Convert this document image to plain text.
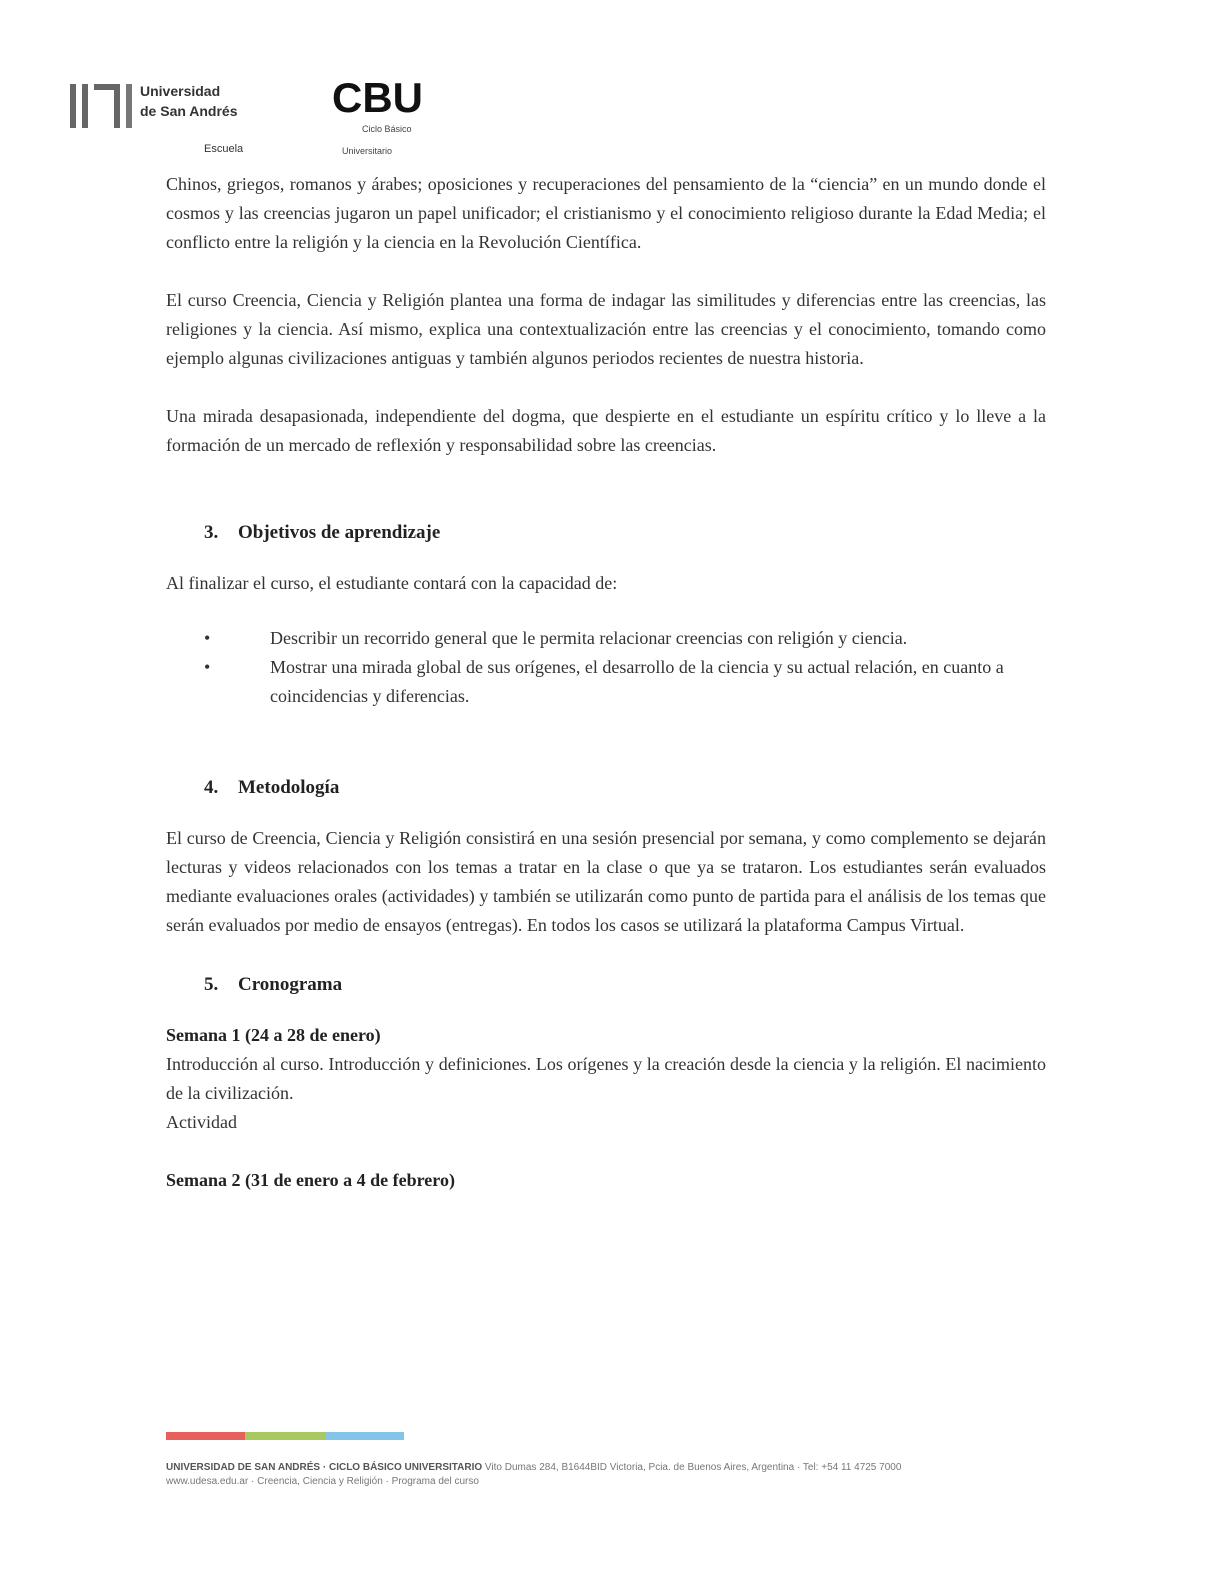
Universidad
de San Andrés
Escuela
CBU
Ciclo Básico
Universitario

Chinos, griegos, romanos y árabes; oposiciones y recuperaciones del pensamiento de la “ciencia” en un mundo donde el cosmos y las creencias jugaron un papel unificador; el cristianismo y el conocimiento religioso durante la Edad Media; el conflicto entre la religión y la ciencia en la Revolución Científica.

El curso Creencia, Ciencia y Religión plantea una forma de indagar las similitudes y diferencias entre las creencias, las religiones y la ciencia. Así mismo, explica una contextualización entre las creencias y el conocimiento, tomando como ejemplo algunas civilizaciones antiguas y también algunos periodos recientes de nuestra historia.

Una mirada desapasionada, independiente del dogma, que despierte en el estudiante un espíritu crítico y lo lleve a la formación de un mercado de reflexión y responsabilidad sobre las creencias.

3. Objetivos de aprendizaje

Al finalizar el curso, el estudiante contará con la capacidad de:

•	Describir un recorrido general que le permita relacionar creencias con religión y ciencia.
•	Mostrar una mirada global de sus orígenes, el desarrollo de la ciencia y su actual relación, en cuanto a coincidencias y diferencias.
4. Metodología

El curso de Creencia, Ciencia y Religión consistirá en una sesión presencial por semana, y como complemento se dejarán lecturas y videos relacionados con los temas a tratar en la clase o que ya se trataron. Los estudiantes serán evaluados mediante evaluaciones orales (actividades) y también se utilizarán como punto de partida para el análisis de los temas que serán evaluados por medio de ensayos (entregas). En todos los casos se utilizará la plataforma Campus Virtual.

5. Cronograma
Semana 1 (24 a 28 de enero)

Introducción al curso. Introducción y definiciones. Los orígenes y la creación desde la ciencia y la religión. El nacimiento de la civilización.

Actividad
Semana 2 (31 de enero a 4 de febrero)
UNIVERSIDAD DE SAN ANDRÉS · CICLO BÁSICO UNIVERSITARIO Vito Dumas 284, B1644BID Victoria, Pcia. de Buenos Aires, Argentina · Tel: +54 11 4725 7000
www.udesa.edu.ar · Creencia, Ciencia y Religión · Programa del curso
